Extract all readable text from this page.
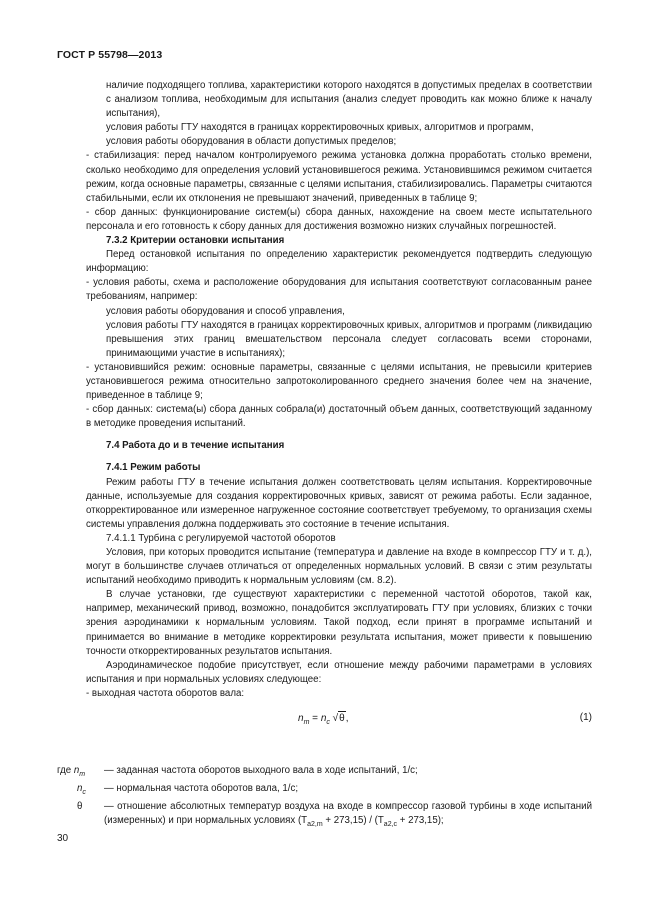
ГОСТ Р 55798—2013

наличие подходящего топлива, характеристики которого находятся в допустимых пределах в соответствии с анализом топлива, необходимым для испытания (анализ следует проводить как можно ближе к началу испытания),

условия работы ГТУ находятся в границах корректировочных кривых, алгоритмов и программ,

условия работы оборудования в области допустимых пределов;

- стабилизация: перед началом контролируемого режима установка должна проработать столько времени, сколько необходимо для определения условий установившегося режима. Установившимся режимом считается режим, когда основные параметры, связанные с целями испытания, стабилизировались. Параметры считаются стабильными, если их отклонения не превышают значений, приведенных в таблице 9;

- сбор данных: функционирование систем(ы) сбора данных, нахождение на своем месте испытательного персонала и его готовность к сбору данных для достижения возможно низких случайных погрешностей.

7.3.2 Критерии остановки испытания

Перед остановкой испытания по определению характеристик рекомендуется подтвердить следующую информацию:

- условия работы, схема и расположение оборудования для испытания соответствуют согласованным ранее требованиям, например:

условия работы оборудования и способ управления,

условия работы ГТУ находятся в границах корректировочных кривых, алгоритмов и программ (ликвидацию превышения этих границ вмешательством персонала следует согласовать всеми сторонами, принимающими участие в испытаниях);

- установившийся режим: основные параметры, связанные с целями испытания, не превысили критериев установившегося режима относительно запротоколированного среднего значения более чем на значение, приведенное в таблице 9;

- сбор данных: система(ы) сбора данных собрала(и) достаточный объем данных, соответствующий заданному в методике проведения испытаний.

7.4 Работа до и в течение испытания

7.4.1 Режим работы

Режим работы ГТУ в течение испытания должен соответствовать целям испытания. Корректировочные данные, используемые для создания корректировочных кривых, зависят от режима работы. Если заданное, откорректированное или измеренное нагруженное состояние соответствует требуемому, то организация схемы системы управления должна поддерживать это состояние в течение испытания.

7.4.1.1 Турбина с регулируемой частотой оборотов

Условия, при которых проводится испытание (температура и давление на входе в компрессор ГТУ и т. д.), могут в большинстве случаев отличаться от определенных нормальных условий. В связи с этим результаты испытаний необходимо приводить к нормальным условиям (см. 8.2).

В случае установки, где существуют характеристики с переменной частотой оборотов, такой как, например, механический привод, возможно, понадобится эксплуатировать ГТУ при условиях, близких с точки зрения аэродинамики к нормальным условиям. Такой подход, если принят в программе испытаний и принимается во внимание в методике корректировки результата испытания, может привести к повышению точности откорректированных результатов испытания.

Аэродинамическое подобие присутствует, если отношение между рабочими параметрами в условиях испытания и при нормальных условиях следующее:

- выходная частота оборотов вала:

$n_m = n_c$ √θ,	(1)
где $n_m$	— заданная частота оборотов выходного вала в ходе испытаний, 1/с;
$n_c$	— нормальная частота оборотов вала, 1/с;
θ	— отношение абсолютных температур воздуха на входе в компрессор газовой турбины в ходе испытаний (измеренных) и при нормальных условиях $(T_{a2,m} + 273,15) / (T_{a2,c} + 273,15)$;
30
